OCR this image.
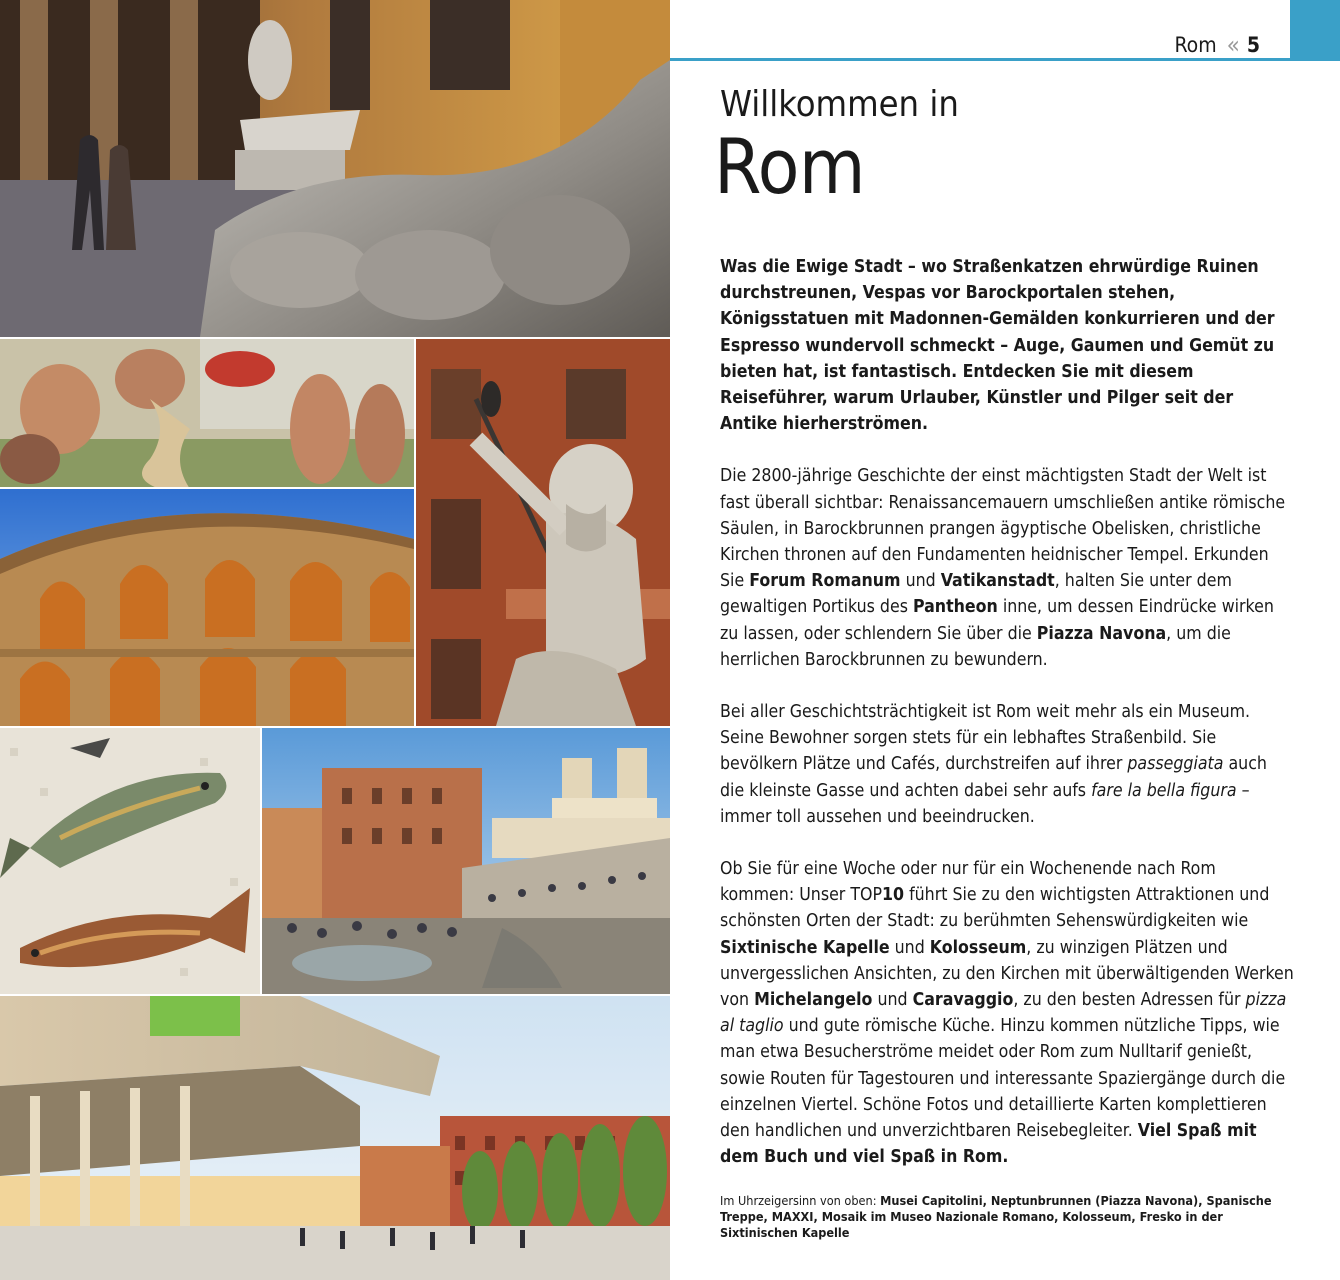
Rom « 5
Willkommen in
Rom

Was die Ewige Stadt – wo Straßenkatzen ehrwürdige Ruinen durchstreunen, Vespas vor Barockportalen stehen, Königsstatuen mit Madonnen-Gemälden konkurrieren und der Espresso wundervoll schmeckt – Auge, Gaumen und Gemüt zu bieten hat, ist fantastisch. Entdecken Sie mit diesem Reiseführer, warum Urlauber, Künstler und Pilger seit der Antike hierherströmen.

Die 2800-jährige Geschichte der einst mächtigsten Stadt der Welt ist fast überall sichtbar: Renaissancemauern umschließen antike römische Säulen, in Barockbrunnen prangen ägyptische Obelisken, christliche Kirchen thronen auf den Fundamenten heidnischer Tempel. Erkunden Sie Forum Romanum und Vatikanstadt, halten Sie unter dem gewaltigen Portikus des Pantheon inne, um dessen Eindrücke wirken zu lassen, oder schlendern Sie über die Piazza Navona, um die herrlichen Barockbrunnen zu bewundern.

Bei aller Geschichtsträchtigkeit ist Rom weit mehr als ein Museum. Seine Bewohner sorgen stets für ein lebhaftes Straßenbild. Sie bevölkern Plätze und Cafés, durchstreifen auf ihrer passeggiata auch die kleinste Gasse und achten dabei sehr aufs fare la bella figura – immer toll aussehen und beeindrucken.

Ob Sie für eine Woche oder nur für ein Wochenende nach Rom kommen: Unser TOP10 führt Sie zu den wichtigsten Attraktionen und schönsten Orten der Stadt: zu berühmten Sehenswürdigkeiten wie Sixtinische Kapelle und Kolosseum, zu winzigen Plätzen und unvergesslichen Ansichten, zu den Kirchen mit überwältigenden Werken von Michelangelo und Caravaggio, zu den besten Adressen für pizza al taglio und gute römische Küche. Hinzu kommen nützliche Tipps, wie man etwa Besucherströme meidet oder Rom zum Nulltarif genießt, sowie Routen für Tagestouren und interessante Spaziergänge durch die einzelnen Viertel. Schöne Fotos und detaillierte Karten komplettieren den handlichen und unverzichtbaren Reisebegleiter. Viel Spaß mit dem Buch und viel Spaß in Rom.

Im Uhrzeigersinn von oben: Musei Capitolini, Neptunbrunnen (Piazza Navona), Spanische Treppe, MAXXI, Mosaik im Museo Nazionale Romano, Kolosseum, Fresko in der Sixtinischen Kapelle
